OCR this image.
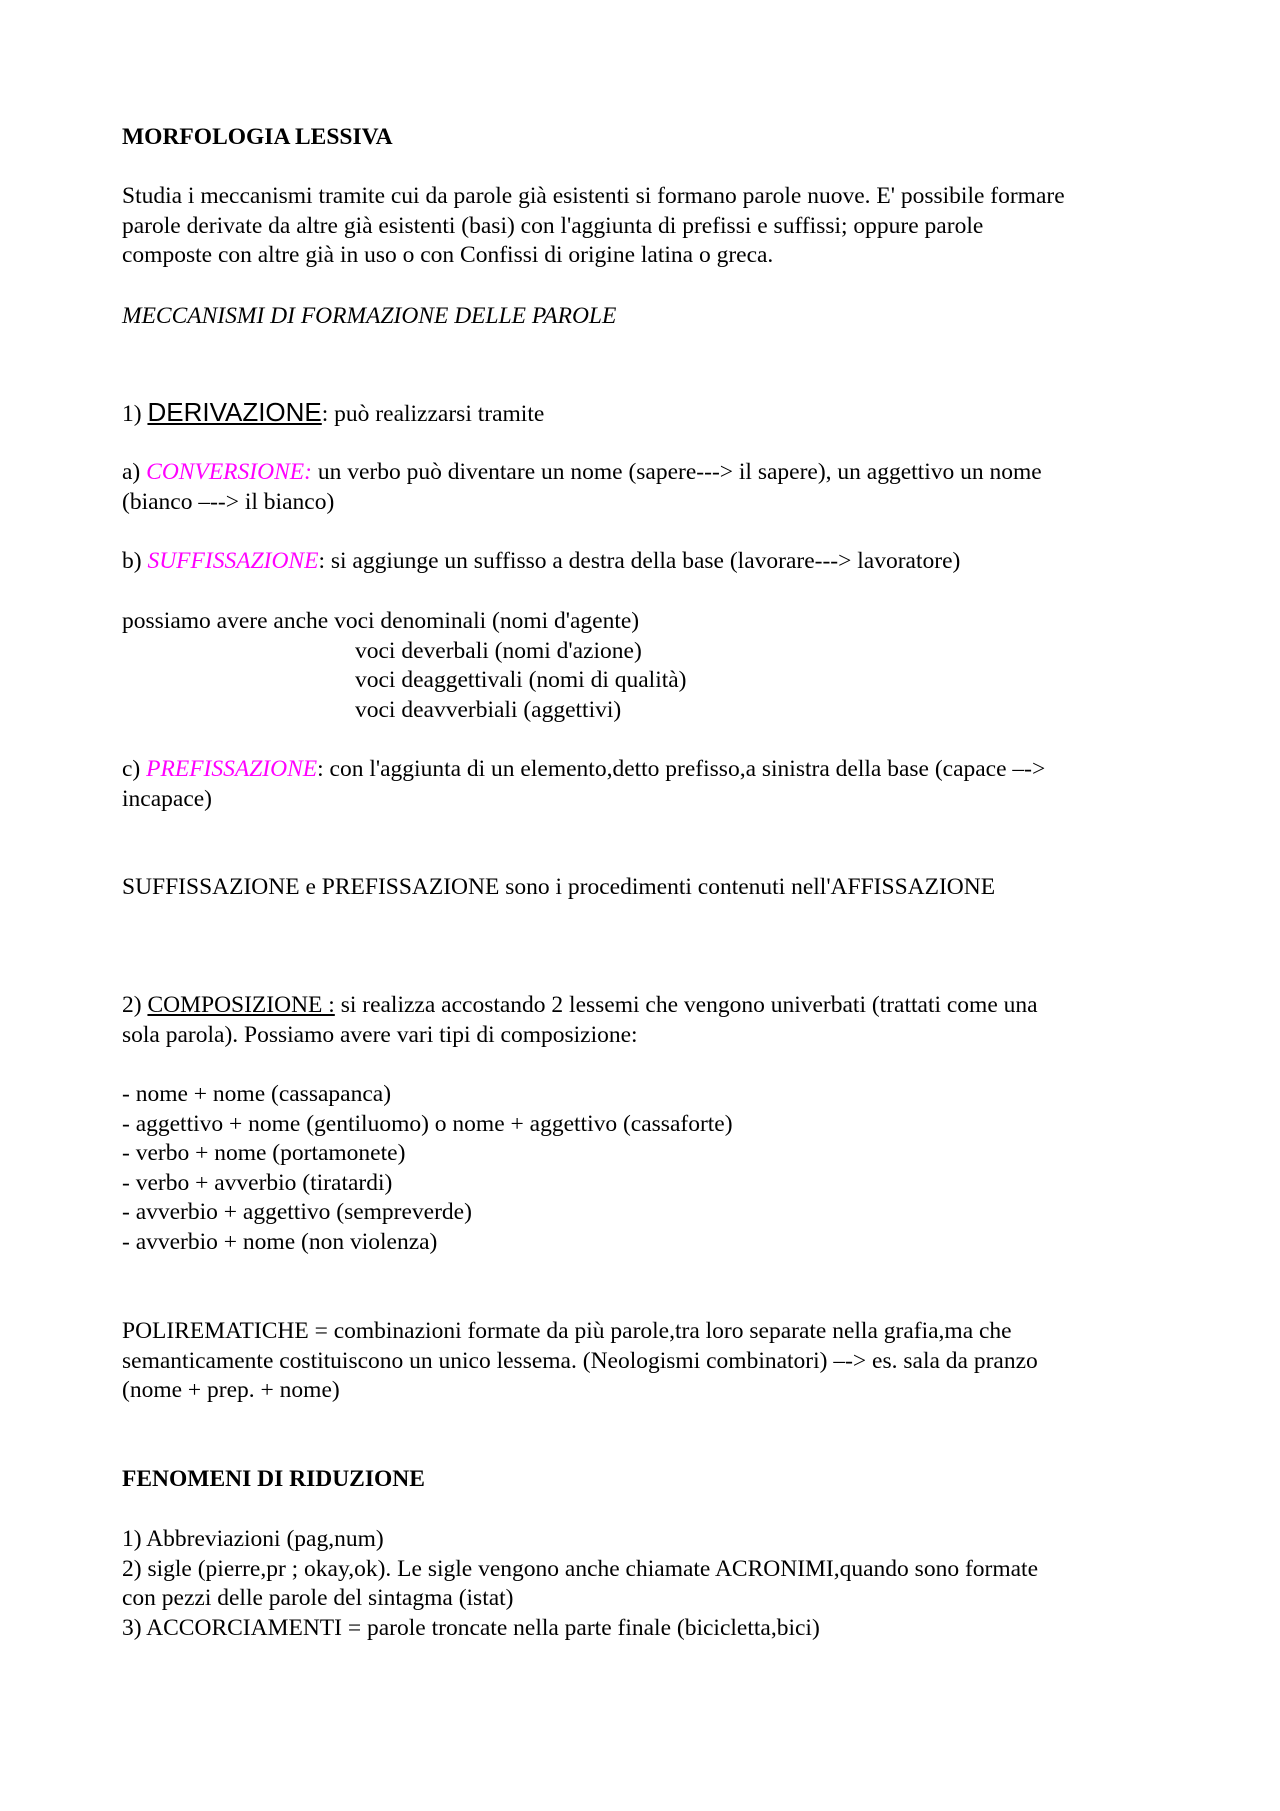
MORFOLOGIA LESSIVA
Studia i meccanismi tramite cui da parole già esistenti si formano parole nuove. E' possibile formare
parole derivate da altre già esistenti (basi) con l'aggiunta di prefissi e suffissi; oppure parole
composte con altre già in uso o con Confissi di origine latina o greca.
MECCANISMI DI FORMAZIONE DELLE PAROLE
1) DERIVAZIONE: può realizzarsi tramite
a) CONVERSIONE: un verbo può diventare un nome (sapere---> il sapere), un aggettivo un nome
(bianco –--> il bianco)
b) SUFFISSAZIONE: si aggiunge un suffisso a destra della base (lavorare---> lavoratore)
possiamo avere anche voci denominali (nomi d'agente)
voci deverbali (nomi d'azione)
voci deaggettivali (nomi di qualità)
voci deavverbiali (aggettivi)
c) PREFISSAZIONE: con l'aggiunta di un elemento,detto prefisso,a sinistra della base (capace –->
incapace)
SUFFISSAZIONE e PREFISSAZIONE sono i procedimenti contenuti nell'AFFISSAZIONE
2) COMPOSIZIONE : si realizza accostando 2 lessemi che vengono univerbati (trattati come una
sola parola). Possiamo avere vari tipi di composizione:
- nome + nome (cassapanca)
- aggettivo + nome (gentiluomo) o nome + aggettivo (cassaforte)
- verbo + nome (portamonete)
- verbo + avverbio (tiratardi)
- avverbio + aggettivo (sempreverde)
- avverbio + nome (non violenza)
POLIREMATICHE = combinazioni formate da più parole,tra loro separate nella grafia,ma che
semanticamente costituiscono un unico lessema. (Neologismi combinatori) –-> es. sala da pranzo
(nome + prep. + nome)
FENOMENI DI RIDUZIONE
1) Abbreviazioni (pag,num)
2) sigle (pierre,pr ; okay,ok). Le sigle vengono anche chiamate ACRONIMI,quando sono formate
con pezzi delle parole del sintagma (istat)
3) ACCORCIAMENTI = parole troncate nella parte finale (bicicletta,bici)
